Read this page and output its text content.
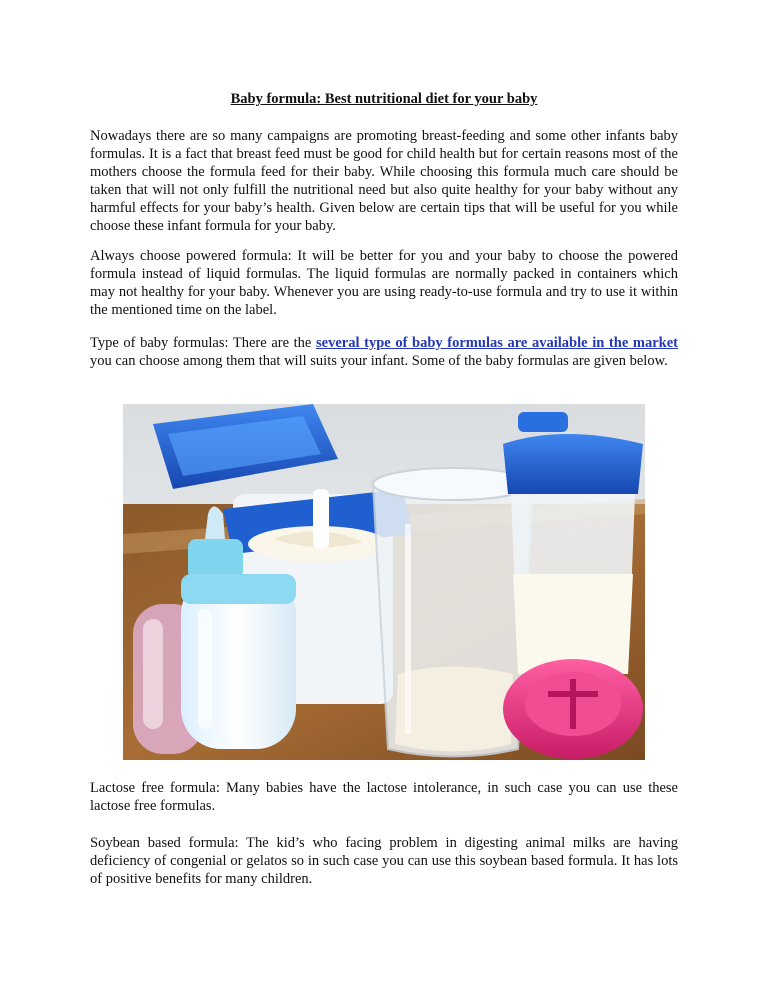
Baby formula: Best nutritional diet for your baby

Nowadays there are so many campaigns are promoting breast-feeding and some other infants baby formulas. It is a fact that breast feed must be good for child health but for certain reasons most of the mothers choose the formula feed for their baby. While choosing this formula much care should be taken that will not only fulfill the nutritional need but also quite healthy for your baby without any harmful effects for your baby’s health. Given below are certain tips that will be useful for you while choose these infant formula for your baby.

Always choose powered formula: It will be better for you and your baby to choose the powered formula instead of liquid formulas. The liquid formulas are normally packed in containers which may not healthy for your baby. Whenever you are using ready-to-use formula and try to use it within the mentioned time on the label.

Type of baby formulas: There are the several type of baby formulas are available in the market you can choose among them that will suits your infant. Some of the baby formulas are given below.

Lactose free formula: Many babies have the lactose intolerance, in such case you can use these lactose free formulas.

Soybean based formula: The kid’s who facing problem in digesting animal milks are having deficiency of congenial or gelatos so in such case you can use this soybean based formula. It has lots of positive benefits for many children.
